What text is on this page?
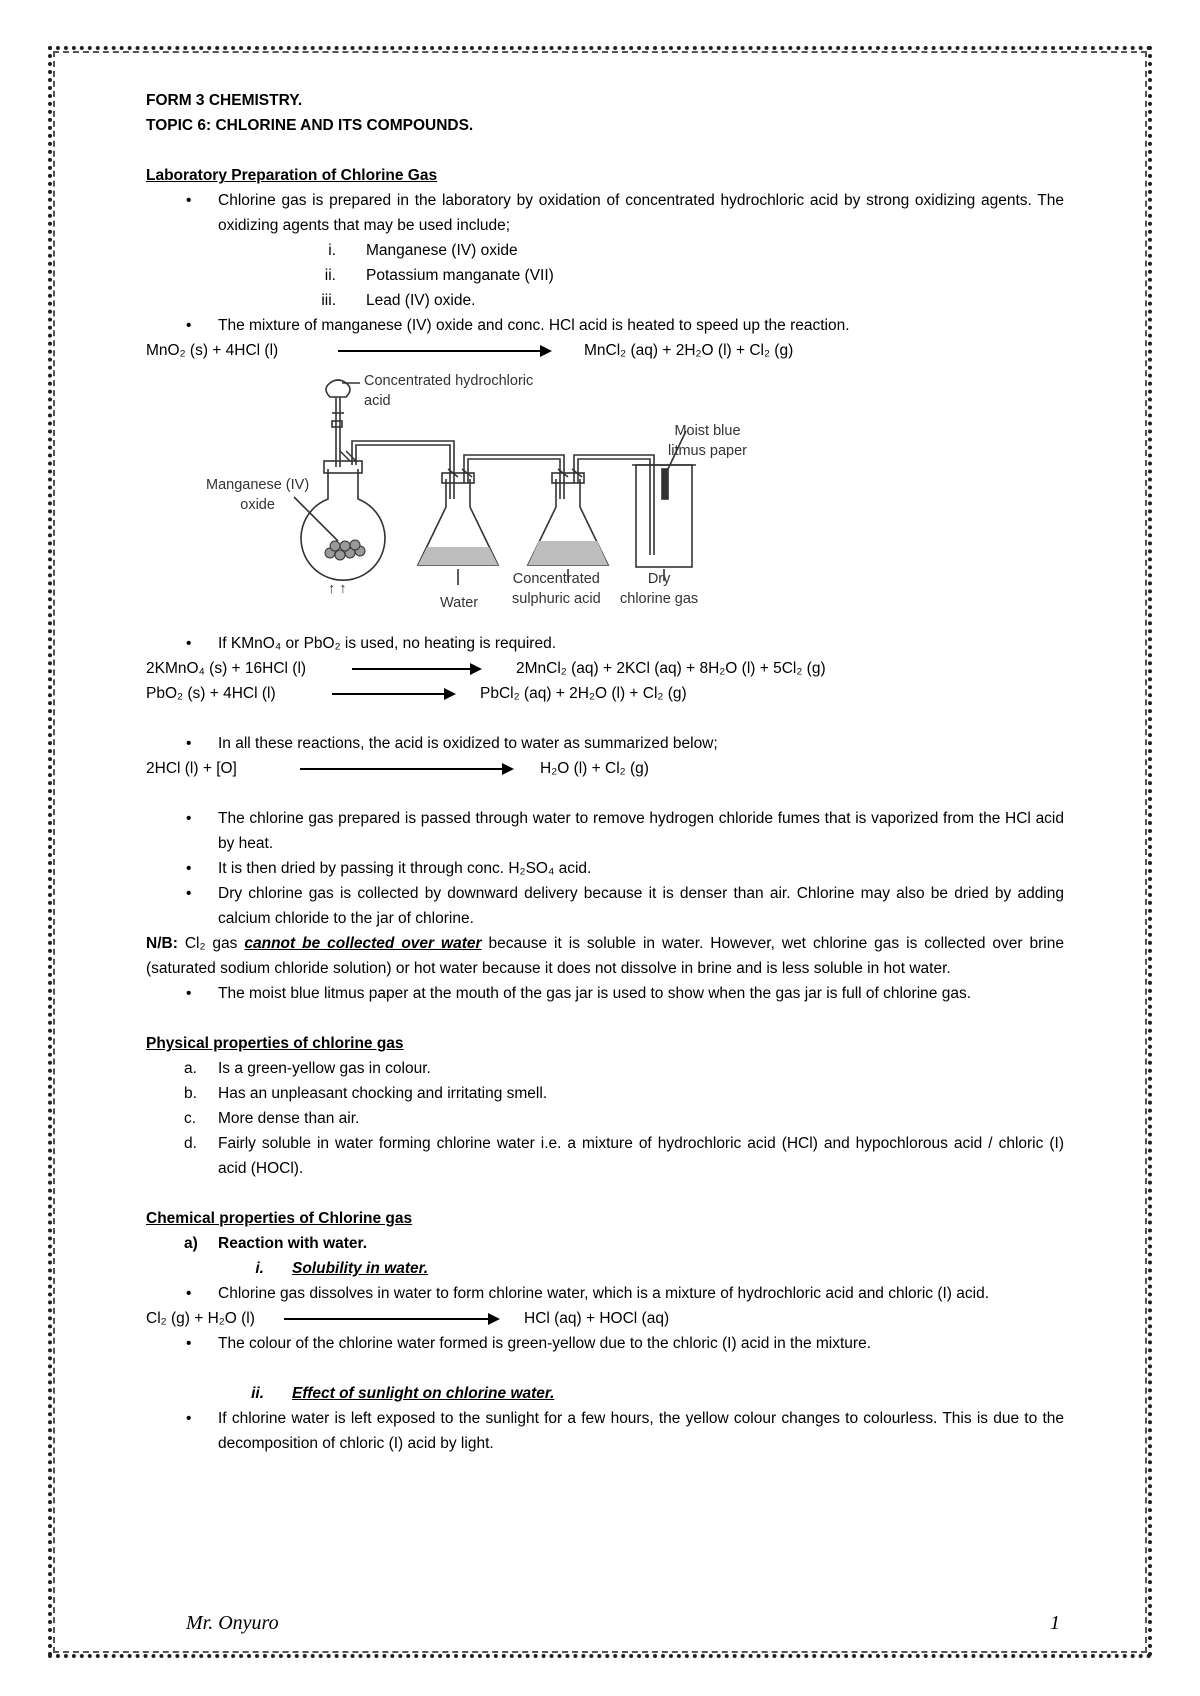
FORM 3 CHEMISTRY.
TOPIC 6: CHLORINE AND ITS COMPOUNDS.
Laboratory Preparation of Chlorine Gas
• Chlorine gas is prepared in the laboratory by oxidation of concentrated hydrochloric acid by strong oxidizing agents. The oxidizing agents that may be used include;
i. Manganese (IV) oxide
ii. Potassium manganate (VII)
iii. Lead (IV) oxide.
• The mixture of manganese (IV) oxide and conc. HCl acid is heated to speed up the reaction.
MnO₂ (s) + 4HCl (l)	MnCl₂ (aq) + 2H₂O (l) + Cl₂ (g)
Concentrated hydrochloric
acid
Moist blue
litmus paper
Manganese (IV)
oxide
↑ ↑
Water
Concentrated
sulphuric acid
Dry
chlorine gas
• If KMnO₄ or PbO₂ is used, no heating is required.
2KMnO₄ (s) + 16HCl (l)	2MnCl₂ (aq) + 2KCl (aq) + 8H₂O (l) + 5Cl₂ (g)
PbO₂ (s) + 4HCl (l)	PbCl₂ (aq) + 2H₂O (l) + Cl₂ (g)
• In all these reactions, the acid is oxidized to water as summarized below;
2HCl (l) + [O]	H₂O (l) + Cl₂ (g)
• The chlorine gas prepared is passed through water to remove hydrogen chloride fumes that is vaporized from the HCl acid by heat.
• It is then dried by passing it through conc. H₂SO₄ acid.
• Dry chlorine gas is collected by downward delivery because it is denser than air. Chlorine may also be dried by adding calcium chloride to the jar of chlorine.
N/B: Cl₂ gas cannot be collected over water because it is soluble in water. However, wet chlorine gas is collected over brine (saturated sodium chloride solution) or hot water because it does not dissolve in brine and is less soluble in hot water.
• The moist blue litmus paper at the mouth of the gas jar is used to show when the gas jar is full of chlorine gas.
Physical properties of chlorine gas
a. Is a green-yellow gas in colour.
b. Has an unpleasant chocking and irritating smell.
c. More dense than air.
d. Fairly soluble in water forming chlorine water i.e. a mixture of hydrochloric acid (HCl) and hypochlorous acid / chloric (I) acid (HOCl).
Chemical properties of Chlorine gas
a) Reaction with water.
i. Solubility in water.
• Chlorine gas dissolves in water to form chlorine water, which is a mixture of hydrochloric acid and chloric (I) acid.
Cl₂ (g) + H₂O (l)	HCl (aq) + HOCl (aq)
• The colour of the chlorine water formed is green-yellow due to the chloric (I) acid in the mixture.
ii. Effect of sunlight on chlorine water.
• If chlorine water is left exposed to the sunlight for a few hours, the yellow colour changes to colourless. This is due to the decomposition of chloric (I) acid by light.
Mr. Onyuro	1
